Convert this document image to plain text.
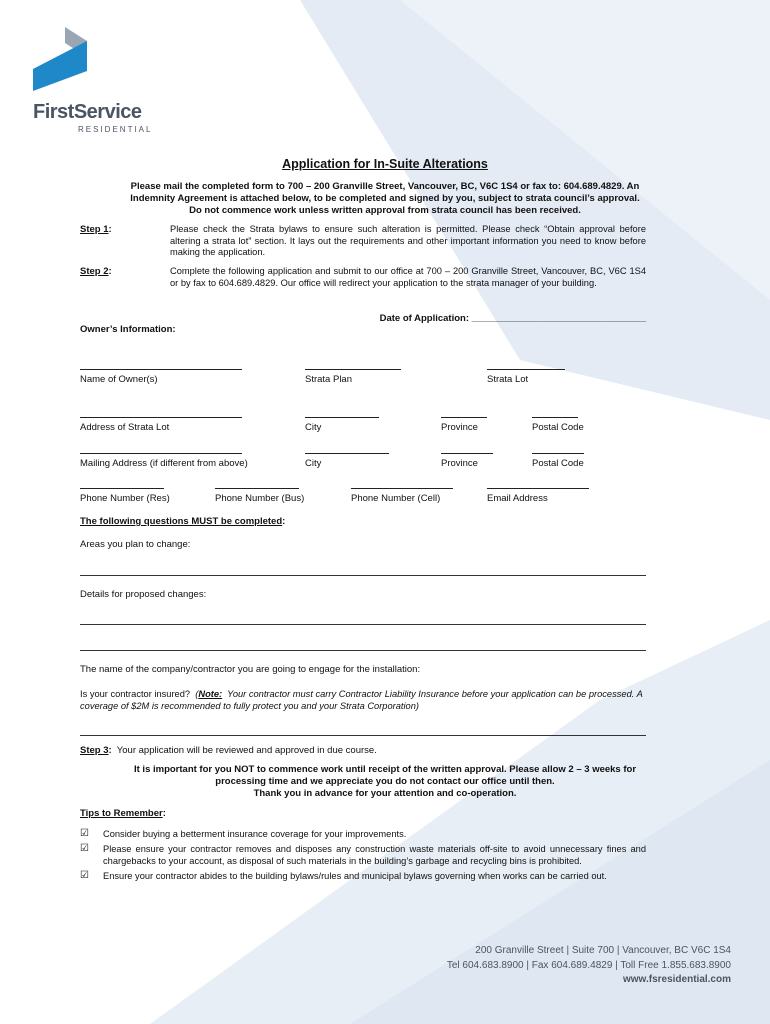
FirstService
RESIDENTIAL
Application for In-Suite Alterations
Please mail the completed form to 700 – 200 Granville Street, Vancouver, BC, V6C 1S4 or fax to: 604.689.4829. An
Indemnity Agreement is attached below, to be completed and signed by you, subject to strata council’s approval.
Do not commence work unless written approval from strata council has been received.
Step 1:	Please check the Strata bylaws to ensure such alteration is permitted. Please check “Obtain approval before altering a strata lot” section. It lays out the requirements and other important information you need to know before making the application.
Step 2:	Complete the following application and submit to our office at 700 – 200 Granville Street, Vancouver, BC, V6C 1S4 or by fax to 604.689.4829. Our office will redirect your application to the strata manager of your building.
Date of Application: _________________________________
Owner’s Information:
Name of Owner(s)	Strata Plan	Strata Lot
Address of Strata Lot	City	Province	Postal Code
Mailing Address (if different from above)	City	Province	Postal Code
Phone Number (Res)	Phone Number (Bus)	Phone Number (Cell)	Email Address
The following questions MUST be completed:
Areas you plan to change:
Details for proposed changes:
The name of the company/contractor you are going to engage for the installation:
Is your contractor insured? (Note: Your contractor must carry Contractor Liability Insurance before your application can be processed. A coverage of $2M is recommended to fully protect you and your Strata Corporation)
Step 3: Your application will be reviewed and approved in due course.
It is important for you NOT to commence work until receipt of the written approval. Please allow 2 – 3 weeks for
processing time and we appreciate you do not contact our office until then.
Thank you in advance for your attention and co-operation.
Tips to Remember:
☑ Consider buying a betterment insurance coverage for your improvements.
☑ Please ensure your contractor removes and disposes any construction waste materials off-site to avoid unnecessary fines and chargebacks to your account, as disposal of such materials in the building’s garbage and recycling bins is prohibited.
☑ Ensure your contractor abides to the building bylaws/rules and municipal bylaws governing when works can be carried out.
200 Granville Street | Suite 700 | Vancouver, BC V6C 1S4
Tel 604.683.8900 | Fax 604.689.4829 | Toll Free 1.855.683.8900
www.fsresidential.com
